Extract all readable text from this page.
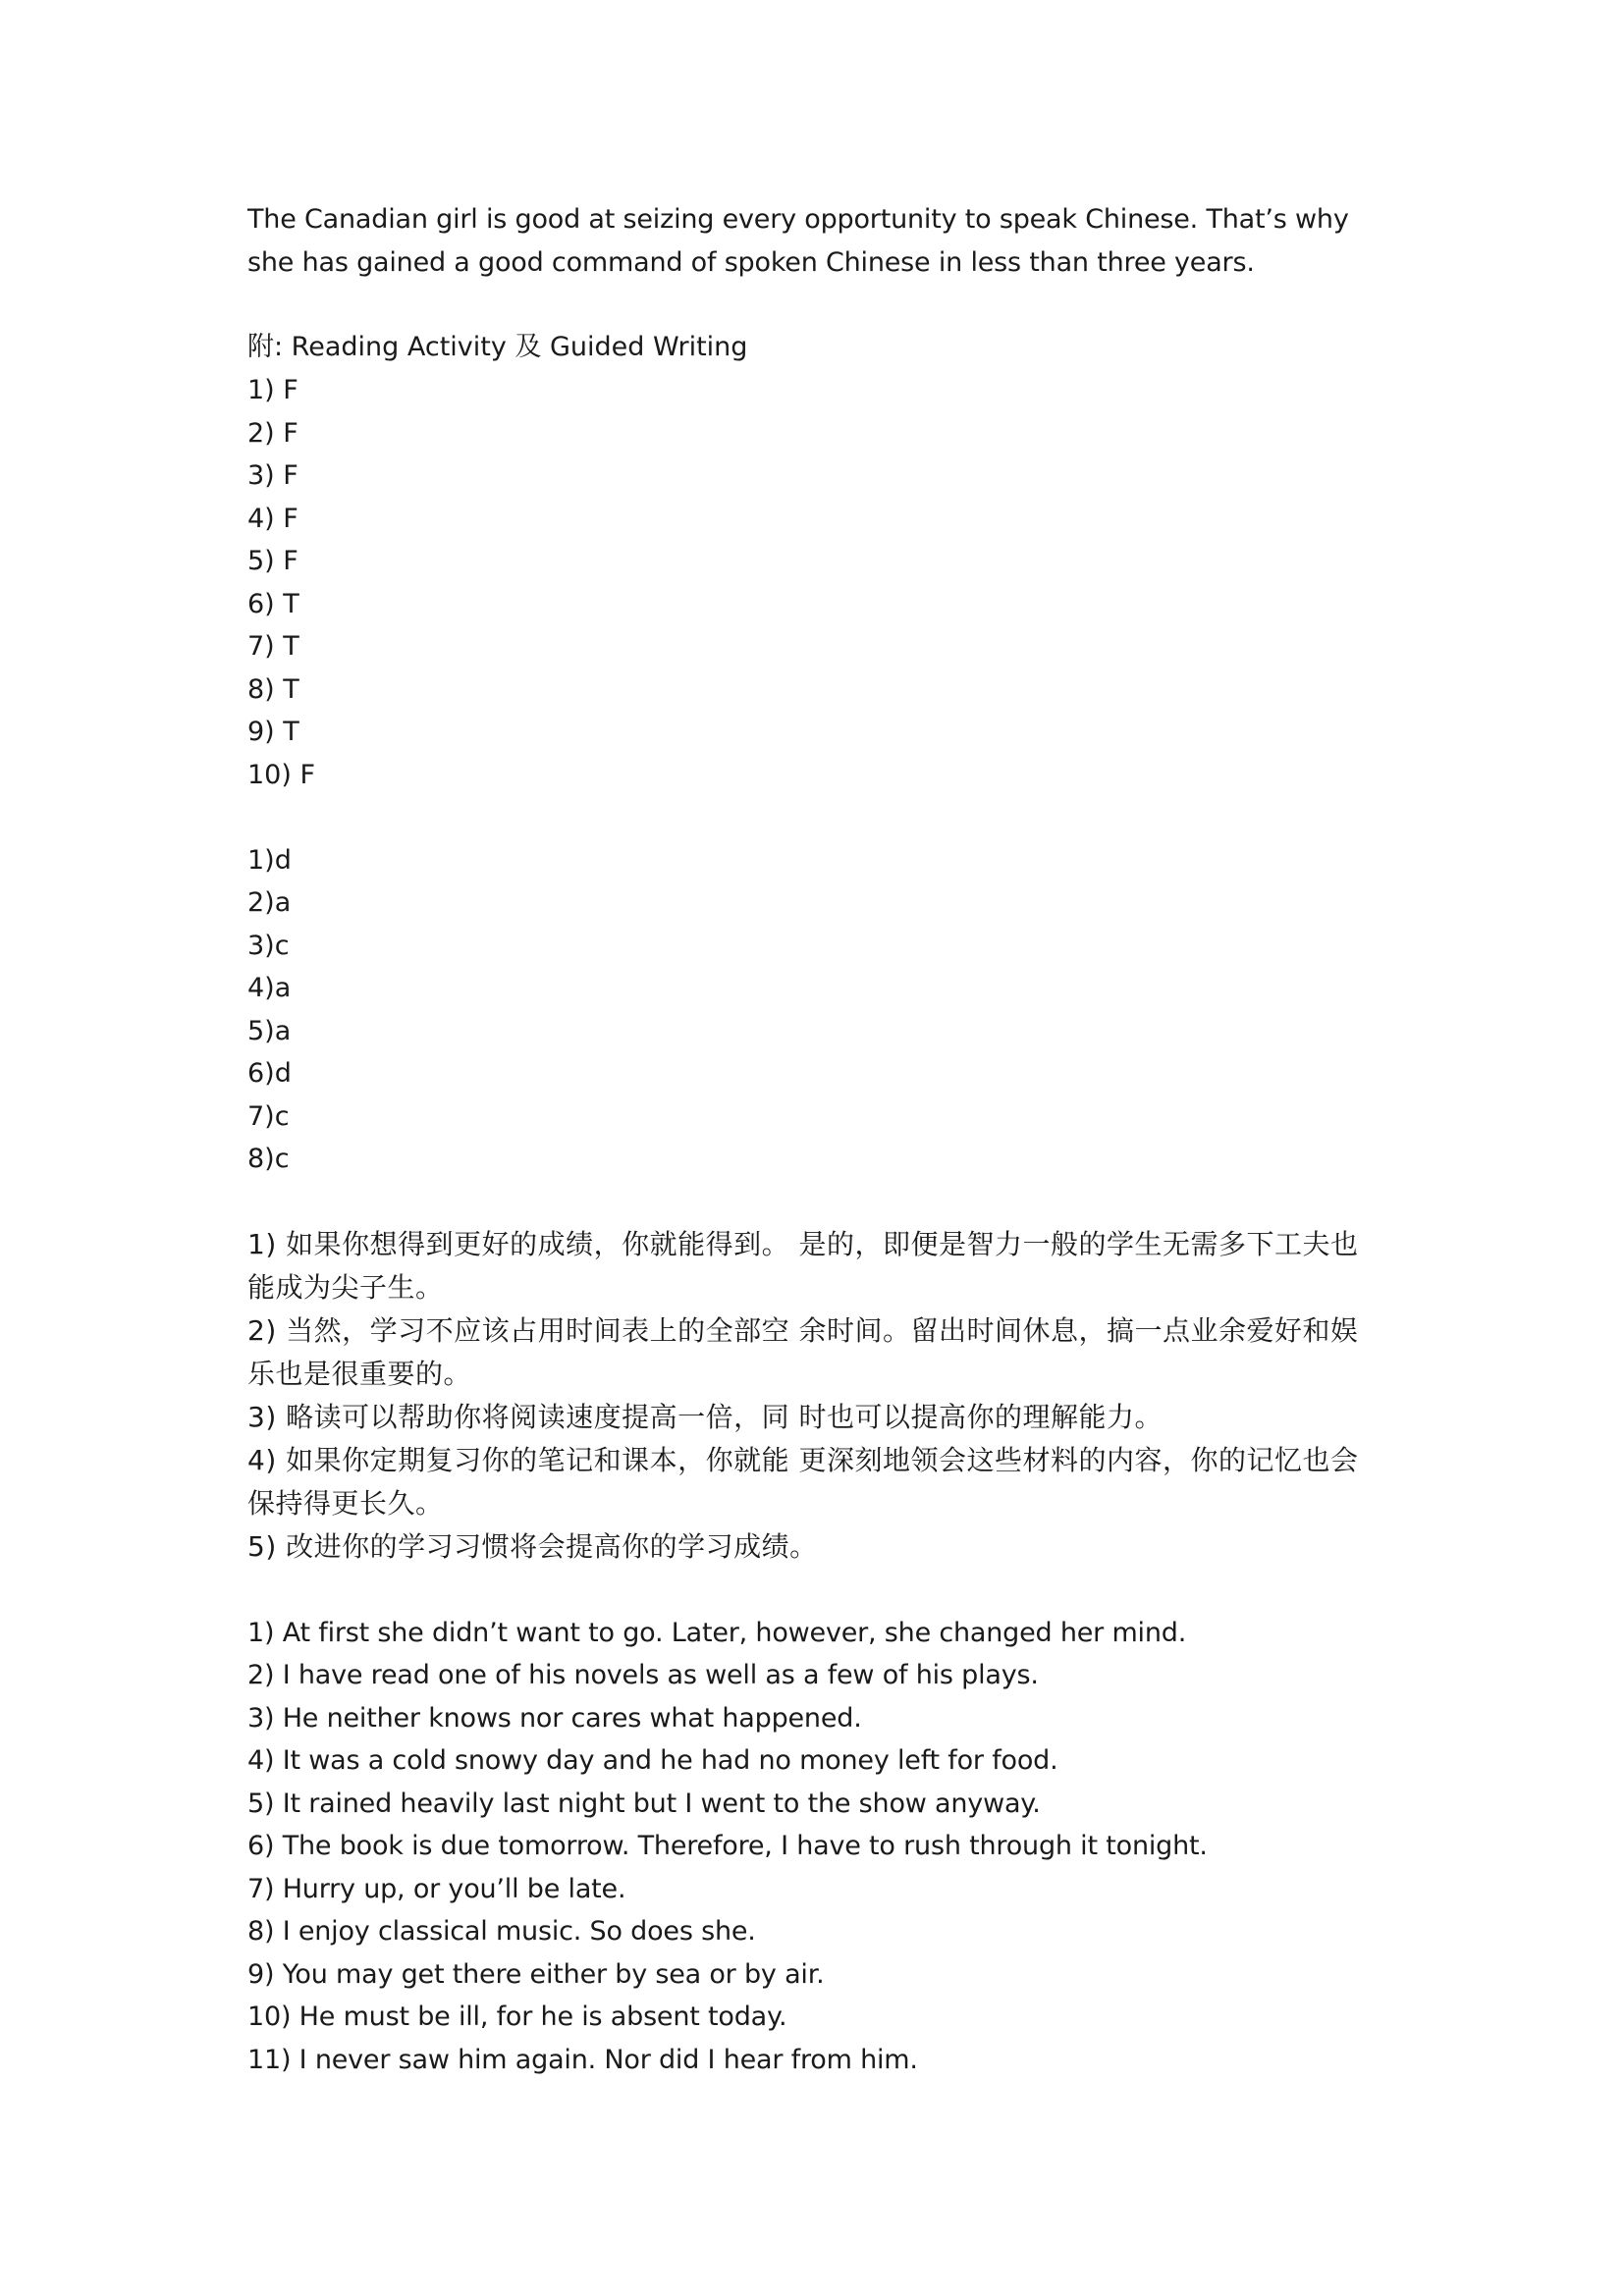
The Canadian girl is good at seizing every opportunity to speak Chinese. That’s why she has gained a good command of spoken Chinese in less than three years.

附: Reading Activity 及 Guided Writing

1) F
2) F
3) F
4) F
5) F
6) T
7) T
8) T
9) T
10) F
1)d
2)a
3)c
4)a
5)a
6)d
7)c
8)c
1) 如果你想得到更好的成绩，你就能得到。 是的，即便是智力一般的学生无需多下工夫也能成为尖子生。
2) 当然，学习不应该占用时间表上的全部空 余时间。留出时间休息，搞一点业余爱好和娱乐也是很重要的。
3) 略读可以帮助你将阅读速度提高一倍，同 时也可以提高你的理解能力。
4) 如果你定期复习你的笔记和课本，你就能 更深刻地领会这些材料的内容，你的记忆也会保持得更长久。
5) 改进你的学习习惯将会提高你的学习成绩。
1) At first she didn’t want to go. Later, however, she changed her mind.
2) I have read one of his novels as well as a few of his plays.
3) He neither knows nor cares what happened.
4) It was a cold snowy day and he had no money left for food.
5) It rained heavily last night but I went to the show anyway.
6) The book is due tomorrow. Therefore, I have to rush through it tonight.
7) Hurry up, or you’ll be late.
8) I enjoy classical music. So does she.
9) You may get there either by sea or by air.
10) He must be ill, for he is absent today.
11) I never saw him again. Nor did I hear from him.
